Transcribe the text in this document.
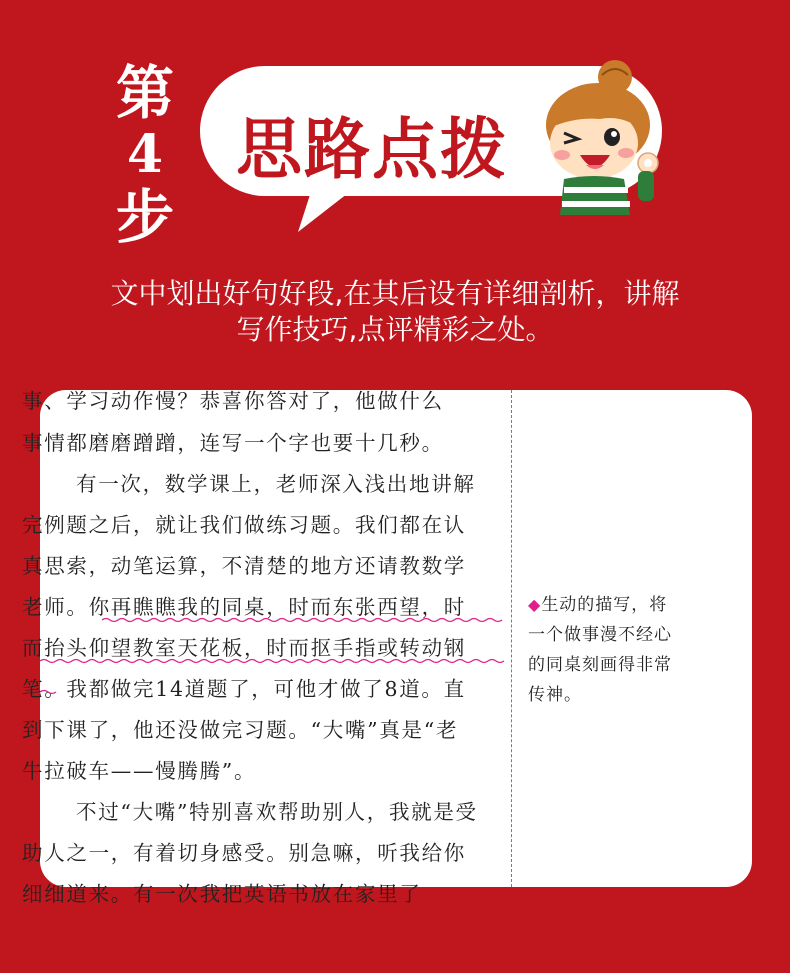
第
4
步
思路点拨
文中划出好句好段,在其后设有详细剖析，讲解
写作技巧,点评精彩之处。
事、学习动作慢？恭喜你答对了，他做什么
事情都磨磨蹭蹭，连写一个字也要十几秒。
有一次，数学课上，老师深入浅出地讲解
完例题之后，就让我们做练习题。我们都在认
真思索，动笔运算，不清楚的地方还请教数学
老师。你再瞧瞧我的同桌，时而东张西望，时
而抬头仰望教室天花板，时而抠手指或转动钢
笔。我都做完14道题了，可他才做了8道。直
到下课了，他还没做完习题。“大嘴”真是“老
牛拉破车——慢腾腾”。
不过“大嘴”特别喜欢帮助别人，我就是受
助人之一，有着切身感受。别急嘛，听我给你
细细道来。有一次我把英语书放在家里了
◆生动的描写，将
一个做事漫不经心
的同桌刻画得非常
传神。
